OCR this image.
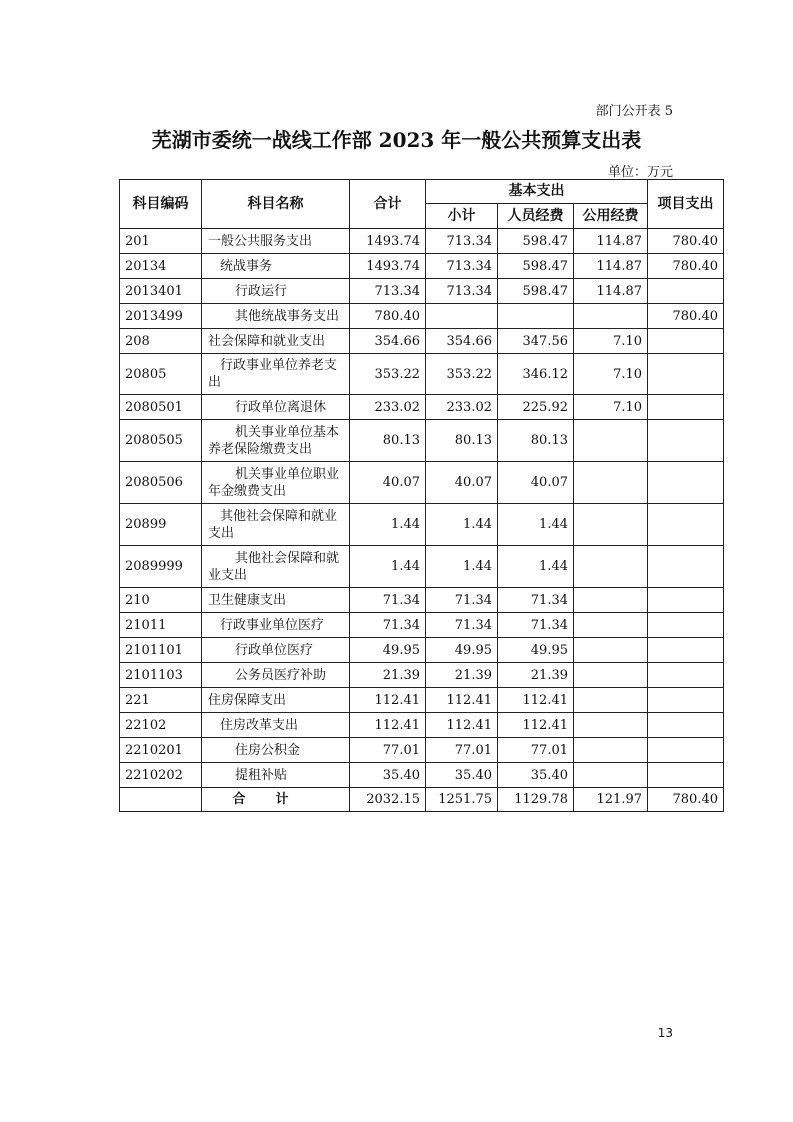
部门公开表 5
芜湖市委统一战线工作部 2023 年一般公共预算支出表
单位：万元
科目编码	科目名称	合计	基本支出			项目支出
			小计	人员经费	公用经费	
201	一般公共服务支出	1493.74	713.34	598.47	114.87	780.40
20134	统战事务	1493.74	713.34	598.47	114.87	780.40
2013401	行政运行	713.34	713.34	598.47	114.87	
2013499	其他统战事务支出	780.40				780.40
208	社会保障和就业支出	354.66	354.66	347.56	7.10	
20805	行政事业单位养老支出	353.22	353.22	346.12	7.10	
2080501	行政单位离退休	233.02	233.02	225.92	7.10	
2080505	机关事业单位基本养老保险缴费支出	80.13	80.13	80.13		
2080506	机关事业单位职业年金缴费支出	40.07	40.07	40.07		
20899	其他社会保障和就业支出	1.44	1.44	1.44		
2089999	其他社会保障和就业支出	1.44	1.44	1.44		
210	卫生健康支出	71.34	71.34	71.34		
21011	行政事业单位医疗	71.34	71.34	71.34		
2101101	行政单位医疗	49.95	49.95	49.95		
2101103	公务员医疗补助	21.39	21.39	21.39		
221	住房保障支出	112.41	112.41	112.41		
22102	住房改革支出	112.41	112.41	112.41		
2210201	住房公积金	77.01	77.01	77.01		
2210202	提租补贴	35.40	35.40	35.40		
	合计	2032.15	1251.75	1129.78	121.97	780.40
13
